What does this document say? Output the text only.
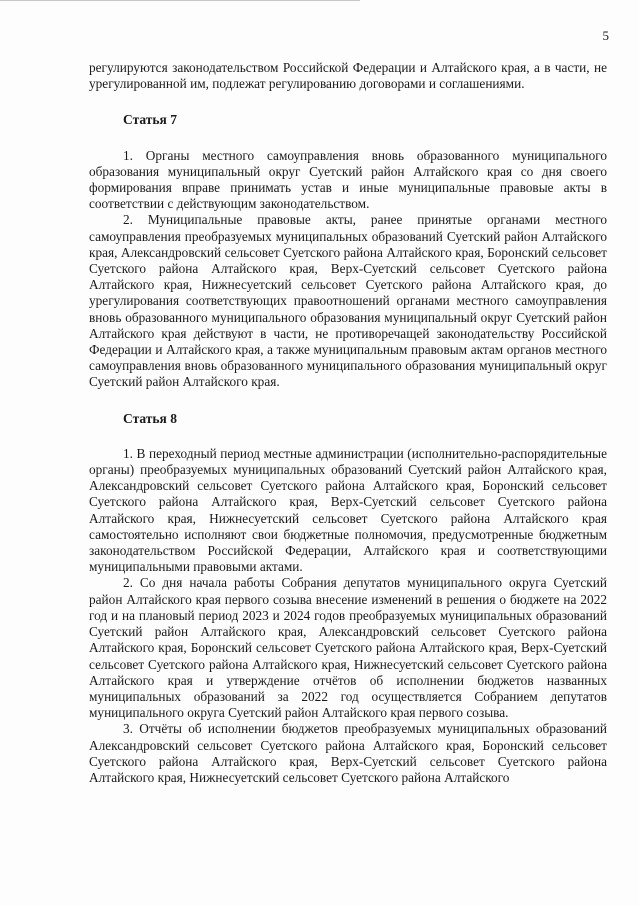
5

регулируются законодательством Российской Федерации и Алтайского края, а в части, не урегулированной им, подлежат регулированию договорами и соглашениями.

Статья 7

1. Органы местного самоуправления вновь образованного муниципального образования муниципальный округ Суетский район Алтайского края со дня своего формирования вправе принимать устав и иные муниципальные правовые акты в соответствии с действующим законодательством.

2. Муниципальные правовые акты, ранее принятые органами местного самоуправления преобразуемых муниципальных образований Суетский район Алтайского края, Александровский сельсовет Суетского района Алтайского края, Боронский сельсовет Суетского района Алтайского края, Верх-Суетский сельсовет Суетского района Алтайского края, Нижнесуетский сельсовет Суетского района Алтайского края, до урегулирования соответствующих правоотношений органами местного самоуправления вновь образованного муниципального образования муниципальный округ Суетский район Алтайского края действуют в части, не противоречащей законодательству Российской Федерации и Алтайского края, а также муниципальным правовым актам органов местного самоуправления вновь образованного муниципального образования муниципальный округ Суетский район Алтайского края.

Статья 8

1. В переходный период местные администрации (исполнительно-распорядительные органы) преобразуемых муниципальных образований Суетский район Алтайского края, Александровский сельсовет Суетского района Алтайского края, Боронский сельсовет Суетского района Алтайского края, Верх-Суетский сельсовет Суетского района Алтайского края, Нижнесуетский сельсовет Суетского района Алтайского края самостоятельно исполняют свои бюджетные полномочия, предусмотренные бюджетным законодательством Российской Федерации, Алтайского края и соответствующими муниципальными правовыми актами.

2. Со дня начала работы Собрания депутатов муниципального округа Суетский район Алтайского края первого созыва внесение изменений в решения о бюджете на 2022 год и на плановый период 2023 и 2024 годов преобразуемых муниципальных образований Суетский район Алтайского края, Александровский сельсовет Суетского района Алтайского края, Боронский сельсовет Суетского района Алтайского края, Верх-Суетский сельсовет Суетского района Алтайского края, Нижнесуетский сельсовет Суетского района Алтайского края и утверждение отчётов об исполнении бюджетов названных муниципальных образований за 2022 год осуществляется Собранием депутатов муниципального округа Суетский район Алтайского края первого созыва.

3. Отчёты об исполнении бюджетов преобразуемых муниципальных образований Александровский сельсовет Суетского района Алтайского края, Боронский сельсовет Суетского района Алтайского края, Верх-Суетский сельсовет Суетского района Алтайского края, Нижнесуетский сельсовет Суетского района Алтайского
